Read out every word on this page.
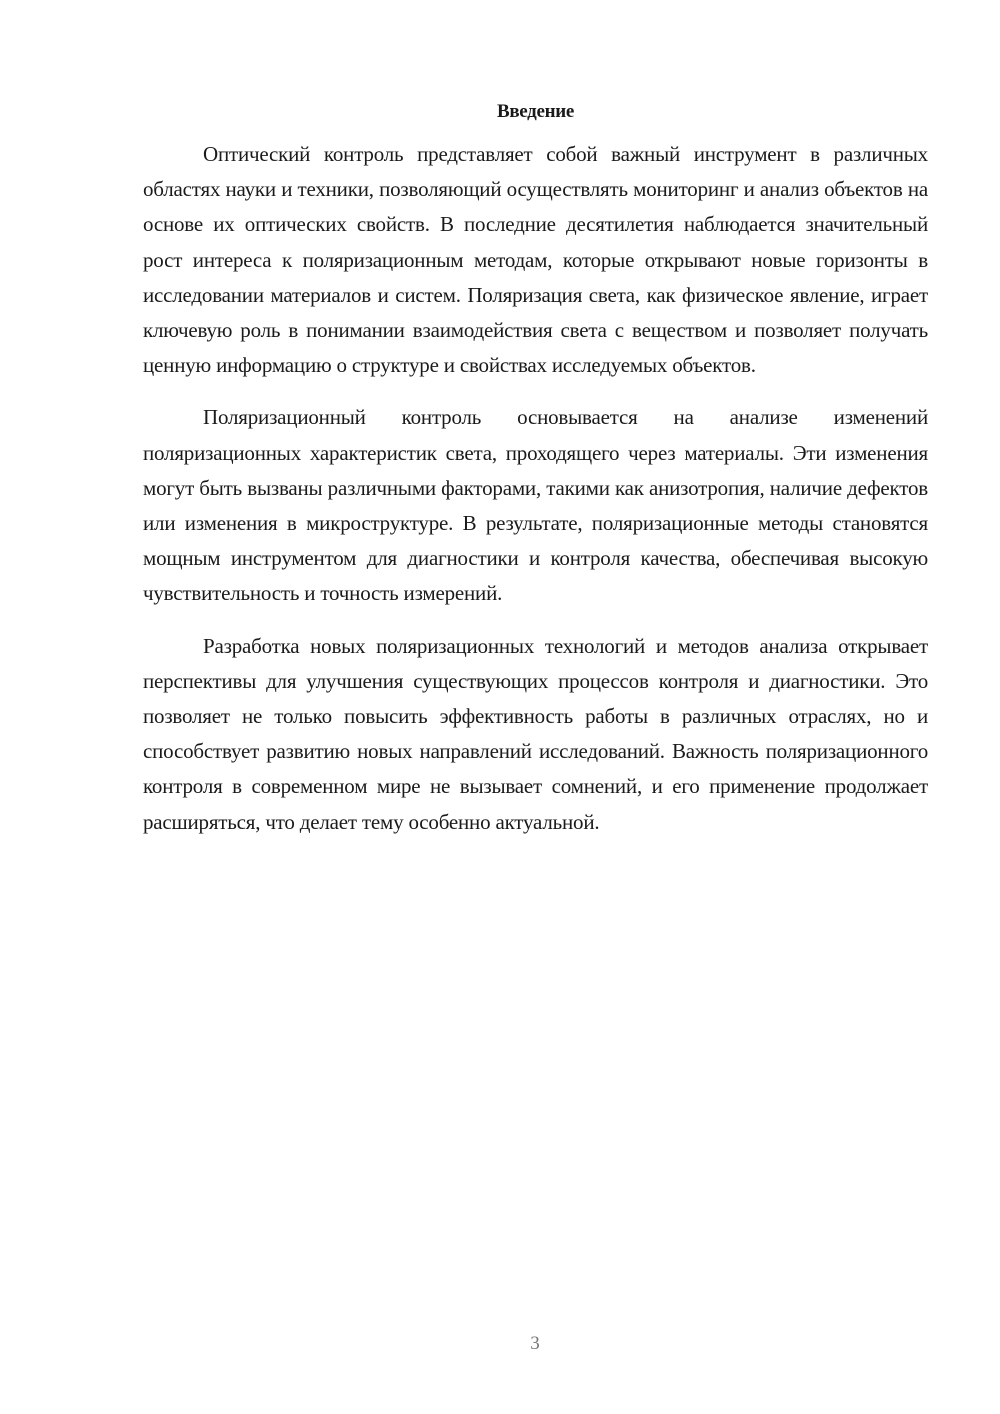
Введение

Оптический контроль представляет собой важный инструмент в различных областях науки и техники, позволяющий осуществлять мониторинг и анализ объектов на основе их оптических свойств. В последние десятилетия наблюдается значительный рост интереса к поляризационным методам, которые открывают новые горизонты в исследовании материалов и систем. Поляризация света, как физическое явление, играет ключевую роль в понимании взаимодействия света с веществом и позволяет получать ценную информацию о структуре и свойствах исследуемых объектов.

Поляризационный контроль основывается на анализе изменений поляризационных характеристик света, проходящего через материалы. Эти изменения могут быть вызваны различными факторами, такими как анизотропия, наличие дефектов или изменения в микроструктуре. В результате, поляризационные методы становятся мощным инструментом для диагностики и контроля качества, обеспечивая высокую чувствительность и точность измерений.

Разработка новых поляризационных технологий и методов анализа открывает перспективы для улучшения существующих процессов контроля и диагностики. Это позволяет не только повысить эффективность работы в различных отраслях, но и способствует развитию новых направлений исследований. Важность поляризационного контроля в современном мире не вызывает сомнений, и его применение продолжает расширяться, что делает тему особенно актуальной.

3
